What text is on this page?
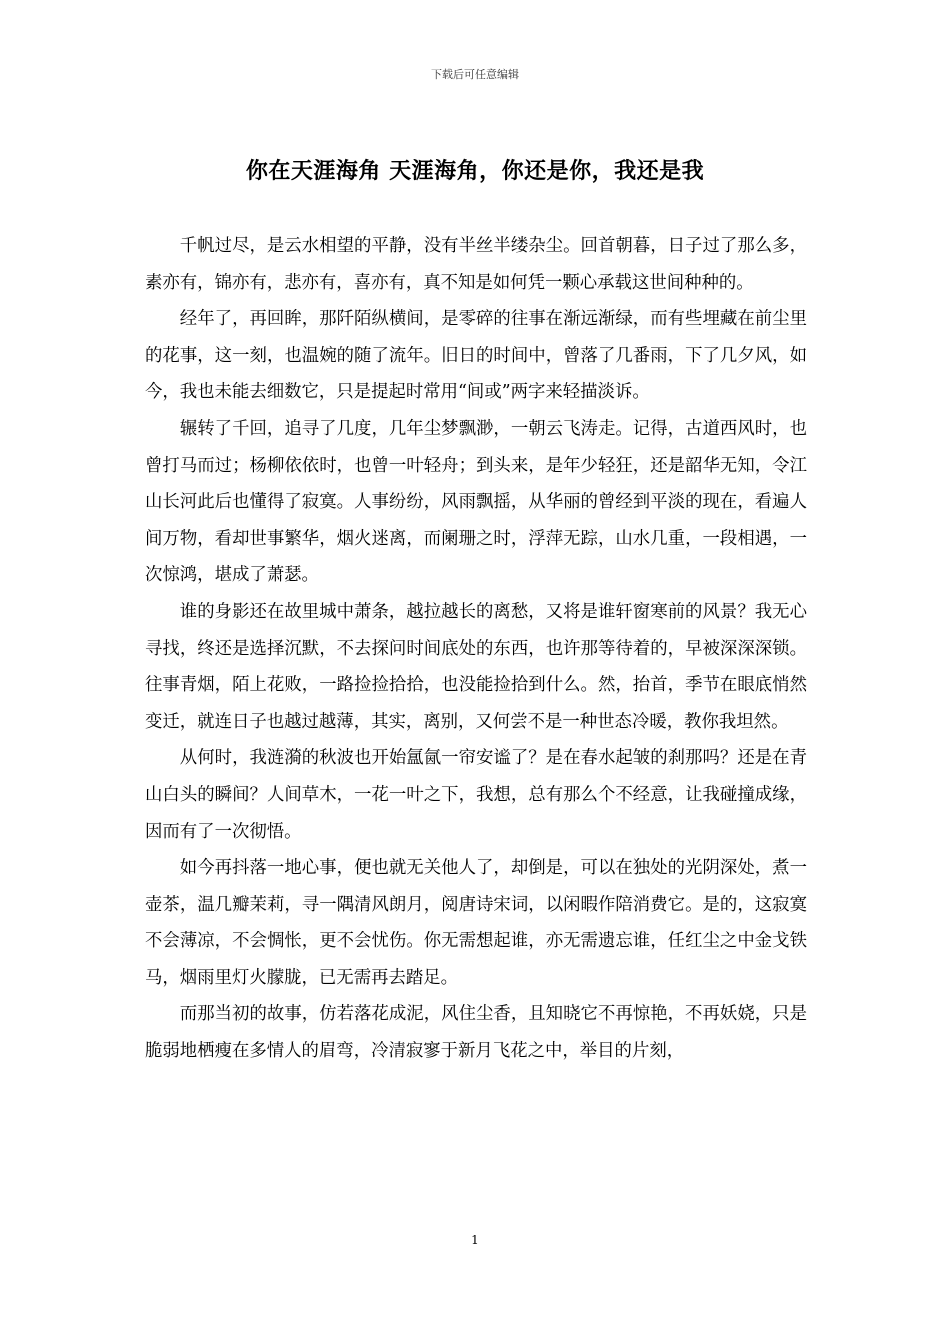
下载后可任意编辑
你在天涯海角 天涯海角，你还是你，我还是我

千帆过尽，是云水相望的平静，没有半丝半缕杂尘。回首朝暮，日子过了那么多，素亦有，锦亦有，悲亦有，喜亦有，真不知是如何凭一颗心承载这世间种种的。

经年了，再回眸，那阡陌纵横间，是零碎的往事在渐远渐绿，而有些埋藏在前尘里的花事，这一刻，也温婉的随了流年。旧日的时间中，曾落了几番雨，下了几夕风，如今，我也未能去细数它，只是提起时常用“间或”两字来轻描淡诉。

辗转了千回，追寻了几度，几年尘梦飘渺，一朝云飞涛走。记得，古道西风时，也曾打马而过；杨柳依依时，也曾一叶轻舟；到头来，是年少轻狂，还是韶华无知，令江山长河此后也懂得了寂寞。人事纷纷，风雨飘摇，从华丽的曾经到平淡的现在，看遍人间万物，看却世事繁华，烟火迷离，而阑珊之时，浮萍无踪，山水几重，一段相遇，一次惊鸿，堪成了萧瑟。

谁的身影还在故里城中萧条，越拉越长的离愁，又将是谁轩窗寒前的风景？我无心寻找，终还是选择沉默，不去探问时间底处的东西，也许那等待着的，早被深深深锁。往事青烟，陌上花败，一路捡捡拾拾，也没能捡拾到什么。然，抬首，季节在眼底悄然变迁，就连日子也越过越薄，其实，离别，又何尝不是一种世态冷暖，教你我坦然。

从何时，我涟漪的秋波也开始氲氤一帘安谧了？是在春水起皱的刹那吗？还是在青山白头的瞬间？人间草木，一花一叶之下，我想，总有那么个不经意，让我碰撞成缘，因而有了一次彻悟。

如今再抖落一地心事，便也就无关他人了，却倒是，可以在独处的光阴深处，煮一壶茶，温几瓣茉莉，寻一隅清风朗月，阅唐诗宋词，以闲暇作陪消费它。是的，这寂寞不会薄凉，不会惆怅，更不会忧伤。你无需想起谁，亦无需遗忘谁，任红尘之中金戈铁马，烟雨里灯火朦胧，已无需再去踏足。

而那当初的故事，仿若落花成泥，风住尘香，且知晓它不再惊艳，不再妖娆，只是脆弱地栖瘦在多情人的眉弯，冷清寂寥于新月飞花之中，举目的片刻，

1
